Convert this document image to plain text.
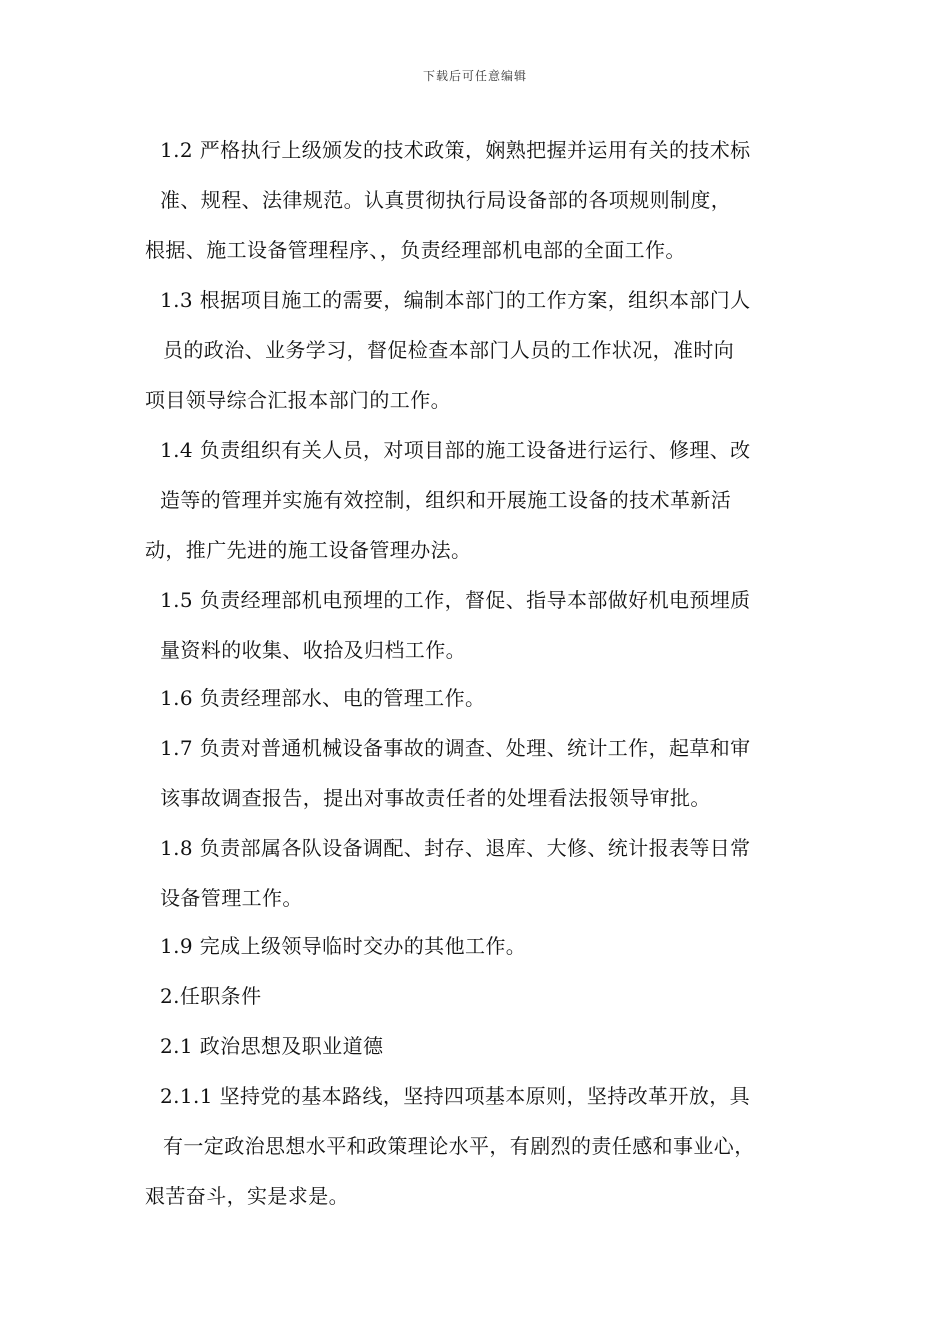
下载后可任意编辑
1.2 严格执行上级颁发的技术政策，娴熟把握并运用有关的技术标
准、规程、法律规范。认真贯彻执行局设备部的各项规则制度，
根据、施工设备管理程序、，负责经理部机电部的全面工作。
1.3 根据项目施工的需要，编制本部门的工作方案，组织本部门人
员的政治、业务学习，督促检查本部门人员的工作状况，准时向
项目领导综合汇报本部门的工作。
1.4 负责组织有关人员，对项目部的施工设备进行运行、修理、改
造等的管理并实施有效控制，组织和开展施工设备的技术革新活
动，推广先进的施工设备管理办法。
1.5 负责经理部机电预埋的工作，督促、指导本部做好机电预埋质
量资料的收集、收拾及归档工作。
1.6 负责经理部水、电的管理工作。
1.7 负责对普通机械设备事故的调查、处理、统计工作，起草和审
该事故调查报告，提出对事故责任者的处埋看法报领导审批。
1.8 负责部属各队设备调配、封存、退库、大修、统计报表等日常
设备管理工作。
1.9 完成上级领导临时交办的其他工作。
2.任职条件
2.1 政治思想及职业道德
2.1.1 坚持党的基本路线，坚持四项基本原则，坚持改革开放，具
有一定政治思想水平和政策理论水平，有剧烈的责任感和事业心，
艰苦奋斗，实是求是。
